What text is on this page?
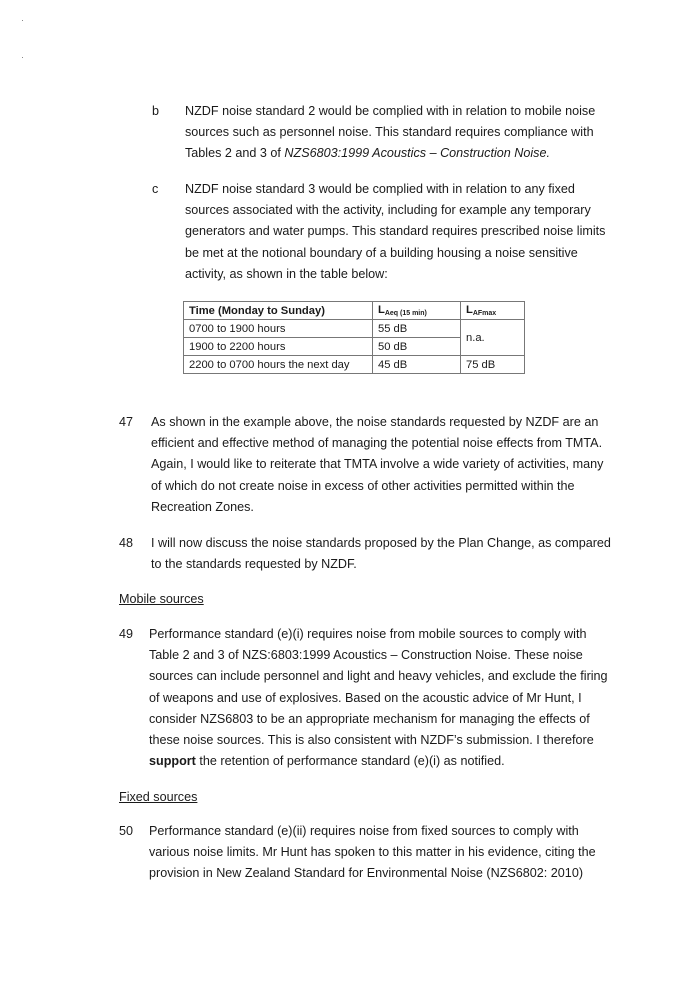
b NZDF noise standard 2 would be complied with in relation to mobile noise
sources such as personnel noise. This standard requires compliance with
Tables 2 and 3 of NZS6803:1999 Acoustics – Construction Noise.
c NZDF noise standard 3 would be complied with in relation to any fixed
sources associated with the activity, including for example any temporary
generators and water pumps. This standard requires prescribed noise limits
be met at the notional boundary of a building housing a noise sensitive
activity, as shown in the table below:
Time (Monday to Sunday)	$L_{Aeq (15 min)}$	$L_{AFmax}$
0700 to 1900 hours	55 dB	n.a.
1900 to 2200 hours	50 dB	
2200 to 0700 hours the next day	45 dB	75 dB
47 As shown in the example above, the noise standards requested by NZDF are an
efficient and effective method of managing the potential noise effects from TMTA.
Again, I would like to reiterate that TMTA involve a wide variety of activities, many
of which do not create noise in excess of other activities permitted within the
Recreation Zones.
48 I will now discuss the noise standards proposed by the Plan Change, as compared
to the standards requested by NZDF.
Mobile sources
49 Performance standard (e)(i) requires noise from mobile sources to comply with
Table 2 and 3 of NZS:6803:1999 Acoustics – Construction Noise. These noise
sources can include personnel and light and heavy vehicles, and exclude the firing
of weapons and use of explosives. Based on the acoustic advice of Mr Hunt, I
consider NZS6803 to be an appropriate mechanism for managing the effects of
these noise sources. This is also consistent with NZDF’s submission. I therefore
support the retention of performance standard (e)(i) as notified.
Fixed sources
50 Performance standard (e)(ii) requires noise from fixed sources to comply with
various noise limits. Mr Hunt has spoken to this matter in his evidence, citing the
provision in New Zealand Standard for Environmental Noise (NZS6802: 2010)
